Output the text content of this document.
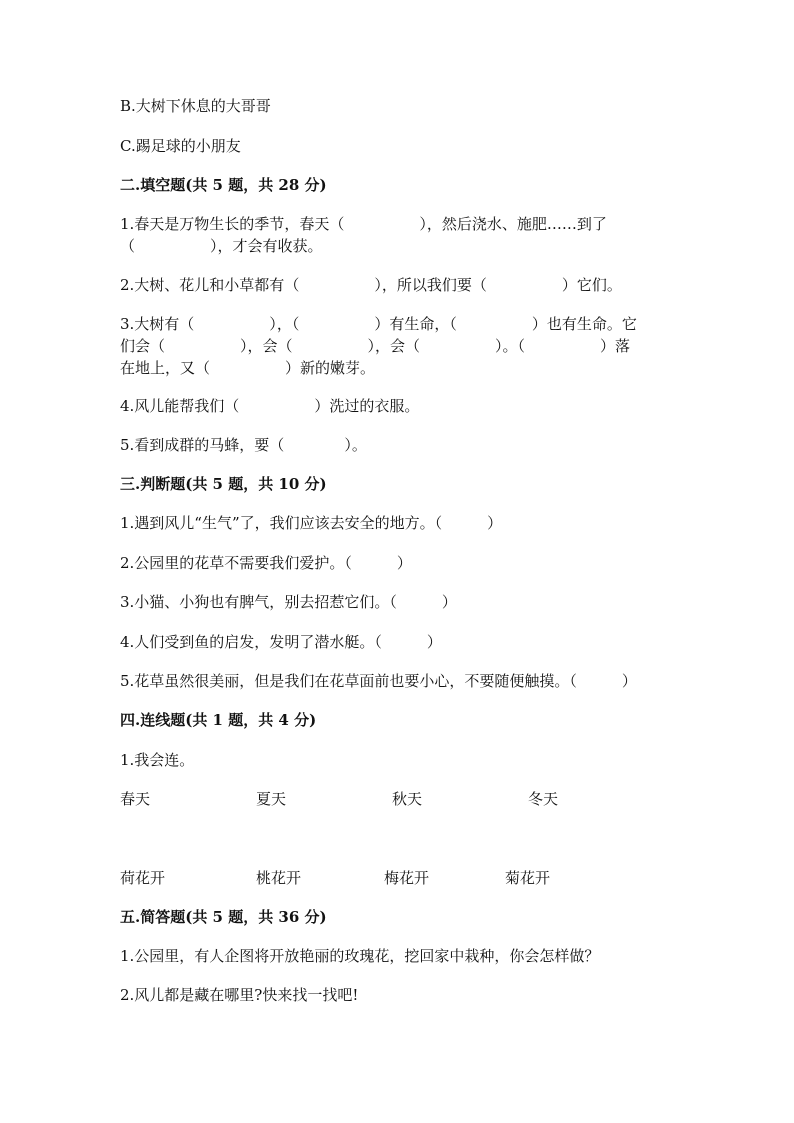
B.大树下休息的大哥哥
C.踢足球的小朋友
二.填空题(共 5 题，共 28 分)
1.春天是万物生长的季节，春天（　　　　　），然后浇水、施肥……到了
（　　　　　），才会有收获。
2.大树、花儿和小草都有（　　　　　），所以我们要（　　　　　）它们。
3.大树有（　　　　　），（　　　　　）有生命，（　　　　　）也有生命。它
们会（　　　　　），会（　　　　　），会（　　　　　）。（　　　　　）落
在地上，又（　　　　　）新的嫩芽。
4.风儿能帮我们（　　　　　）洗过的衣服。
5.看到成群的马蜂，要（　　　　）。
三.判断题(共 5 题，共 10 分)
1.遇到风儿“生气”了，我们应该去安全的地方。（　　　）
2.公园里的花草不需要我们爱护。（　　　）
3.小猫、小狗也有脾气，别去招惹它们。（　　　）
4.人们受到鱼的启发，发明了潜水艇。（　　　）
5.花草虽然很美丽，但是我们在花草面前也要小心，不要随便触摸。（　　　）
四.连线题(共 1 题，共 4 分)
1.我会连。
春天	夏天	秋天	冬天
荷花开	桃花开	梅花开	菊花开
五.简答题(共 5 题，共 36 分)
1.公园里，有人企图将开放艳丽的玫瑰花，挖回家中栽种，你会怎样做？
2.风儿都是藏在哪里?快来找一找吧!
